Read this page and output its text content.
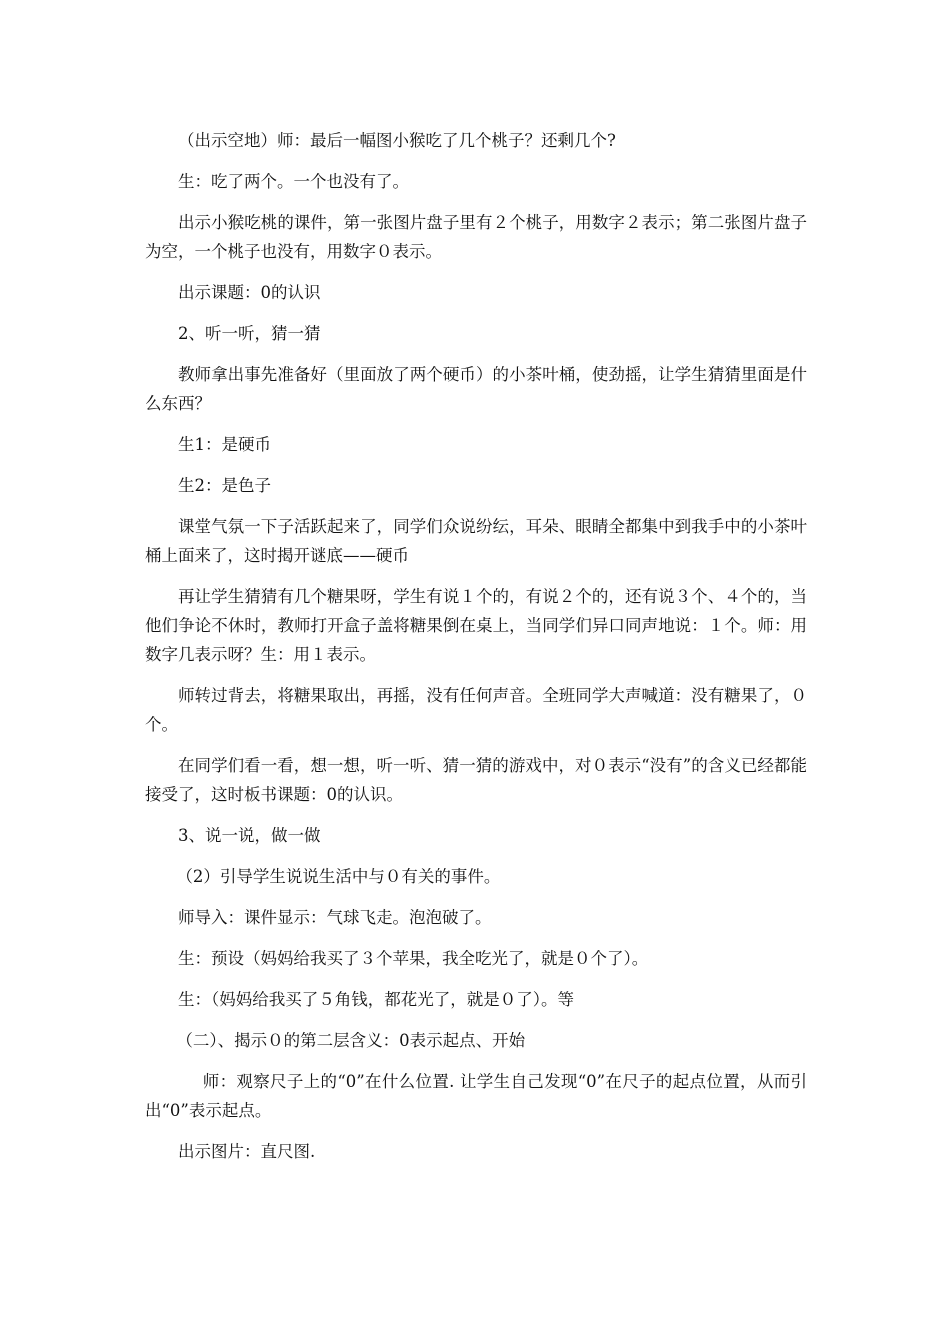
（出示空地）师：最后一幅图小猴吃了几个桃子？还剩几个?

生：吃了两个。一个也没有了。

出示小猴吃桃的课件，第一张图片盘子里有２个桃子，用数字２表示；第二张图片盘子为空，一个桃子也没有，用数字０表示。

出示课题：0的认识

2、听一听，猜一猜

教师拿出事先准备好（里面放了两个硬币）的小茶叶桶，使劲摇，让学生猜猜里面是什么东西？

生1：是硬币

生2：是色子

课堂气氛一下子活跃起来了，同学们众说纷纭，耳朵、眼睛全都集中到我手中的小茶叶桶上面来了，这时揭开谜底——硬币

再让学生猜猜有几个糖果呀，学生有说１个的，有说２个的，还有说３个、４个的，当他们争论不休时，教师打开盒子盖将糖果倒在桌上，当同学们异口同声地说：１个。师：用数字几表示呀？生：用１表示。

师转过背去，将糖果取出，再摇，没有任何声音。全班同学大声喊道：没有糖果了，０个。

在同学们看一看，想一想，听一听、猜一猜的游戏中，对０表示“没有”的含义已经都能接受了，这时板书课题：0的认识。

3、说一说，做一做

（2）引导学生说说生活中与０有关的事件。

师导入：课件显示：气球飞走。泡泡破了。

生：预设（妈妈给我买了３个苹果，我全吃光了，就是０个了）。

生：（妈妈给我买了５角钱，都花光了，就是０了）。等

（二）、揭示０的第二层含义：0表示起点、开始

师：观察尺子上的“0”在什么位置. 让学生自己发现“0”在尺子的起点位置，从而引出“0”表示起点。

出示图片：直尺图.
